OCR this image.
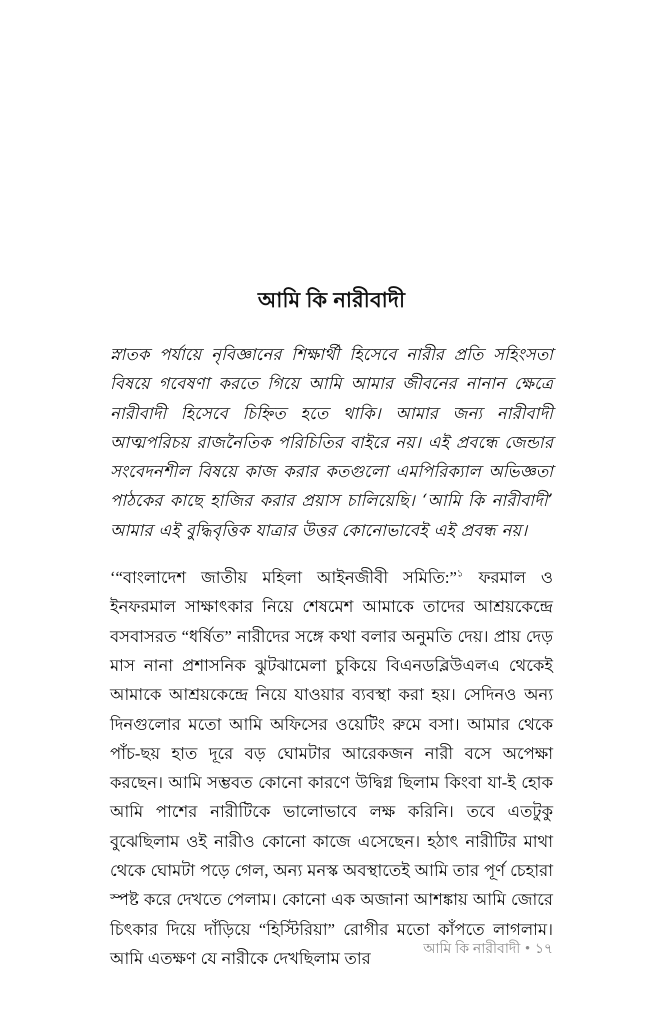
আমি কি নারীবাদী

স্নাতক পর্যায়ে নৃবিজ্ঞানের শিক্ষার্থী হিসেবে নারীর প্রতি সহিংসতা বিষয়ে গবেষণা করতে গিয়ে আমি আমার জীবনের নানান ক্ষেত্রে নারীবাদী হিসেবে চিহ্নিত হতে থাকি। আমার জন্য নারীবাদী আত্মপরিচয় রাজনৈতিক পরিচিতির বাইরে নয়। এই প্রবন্ধে জেন্ডার সংবেদনশীল বিষয়ে কাজ করার কতগুলো এমপিরিক্যাল অভিজ্ঞতা পাঠকের কাছে হাজির করার প্রয়াস চালিয়েছি। ‘আমি কি নারীবাদী’ আমার এই বুদ্ধিবৃত্তিক যাত্রার উত্তর কোনোভাবেই এই প্রবন্ধ নয়।

‘“বাংলাদেশ জাতীয় মহিলা আইনজীবী সমিতি:”$^১$ ফরমাল ও ইনফরমাল সাক্ষাৎকার নিয়ে শেষমেশ আমাকে তাদের আশ্রয়কেন্দ্রে বসবাসরত “ধর্ষিত” নারীদের সঙ্গে কথা বলার অনুমতি দেয়। প্রায় দেড় মাস নানা প্রশাসনিক ঝুটঝামেলা চুকিয়ে বিএনডব্লিউএলএ থেকেই আমাকে আশ্রয়কেন্দ্রে নিয়ে যাওয়ার ব্যবস্থা করা হয়। সেদিনও অন্য দিনগুলোর মতো আমি অফিসের ওয়েটিং রুমে বসা। আমার থেকে পাঁচ-ছয় হাত দূরে বড় ঘোমটার আরেকজন নারী বসে অপেক্ষা করছেন। আমি সম্ভবত কোনো কারণে উদ্বিগ্ন ছিলাম কিংবা যা-ই হোক আমি পাশের নারীটিকে ভালোভাবে লক্ষ করিনি। তবে এতটুকু বুঝেছিলাম ওই নারীও কোনো কাজে এসেছেন। হঠাৎ নারীটির মাথা থেকে ঘোমটা পড়ে গেল, অন্য মনস্ক অবস্থাতেই আমি তার পূর্ণ চেহারা স্পষ্ট করে দেখতে পেলাম। কোনো এক অজানা আশঙ্কায় আমি জোরে চিৎকার দিয়ে দাঁড়িয়ে “হিস্টিরিয়া” রোগীর মতো কাঁপতে লাগলাম। আমি এতক্ষণ যে নারীকে দেখছিলাম তার

আমি কি নারীবাদী • ১৭
